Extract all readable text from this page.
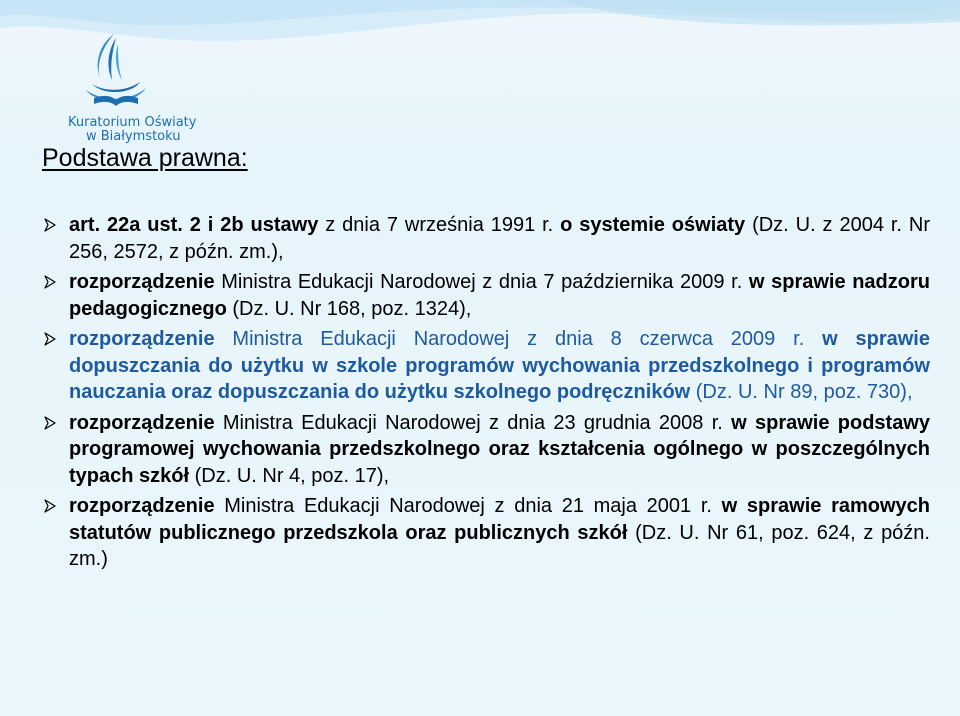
Kuratorium Oświaty
w Białymstoku
Podstawa prawna:

art. 22a ust. 2 i 2b ustawy z dnia 7 września 1991 r. o systemie oświaty (Dz. U. z 2004 r. Nr 256, 2572, z późn. zm.),

rozporządzenie Ministra Edukacji Narodowej z dnia 7 października 2009 r. w sprawie nadzoru pedagogicznego (Dz. U. Nr 168, poz. 1324),

rozporządzenie Ministra Edukacji Narodowej z dnia 8 czerwca 2009 r. w sprawie dopuszczania do użytku w szkole programów wychowania przedszkolnego i programów nauczania oraz dopuszczania do użytku szkolnego podręczników (Dz. U. Nr 89, poz. 730),

rozporządzenie Ministra Edukacji Narodowej z dnia 23 grudnia 2008 r. w sprawie podstawy programowej wychowania przedszkolnego oraz kształcenia ogólnego w poszczególnych typach szkół (Dz. U. Nr 4, poz. 17),

rozporządzenie Ministra Edukacji Narodowej z dnia 21 maja 2001 r. w sprawie ramowych statutów publicznego przedszkola oraz publicznych szkół (Dz. U. Nr 61, poz. 624, z późn. zm.)
